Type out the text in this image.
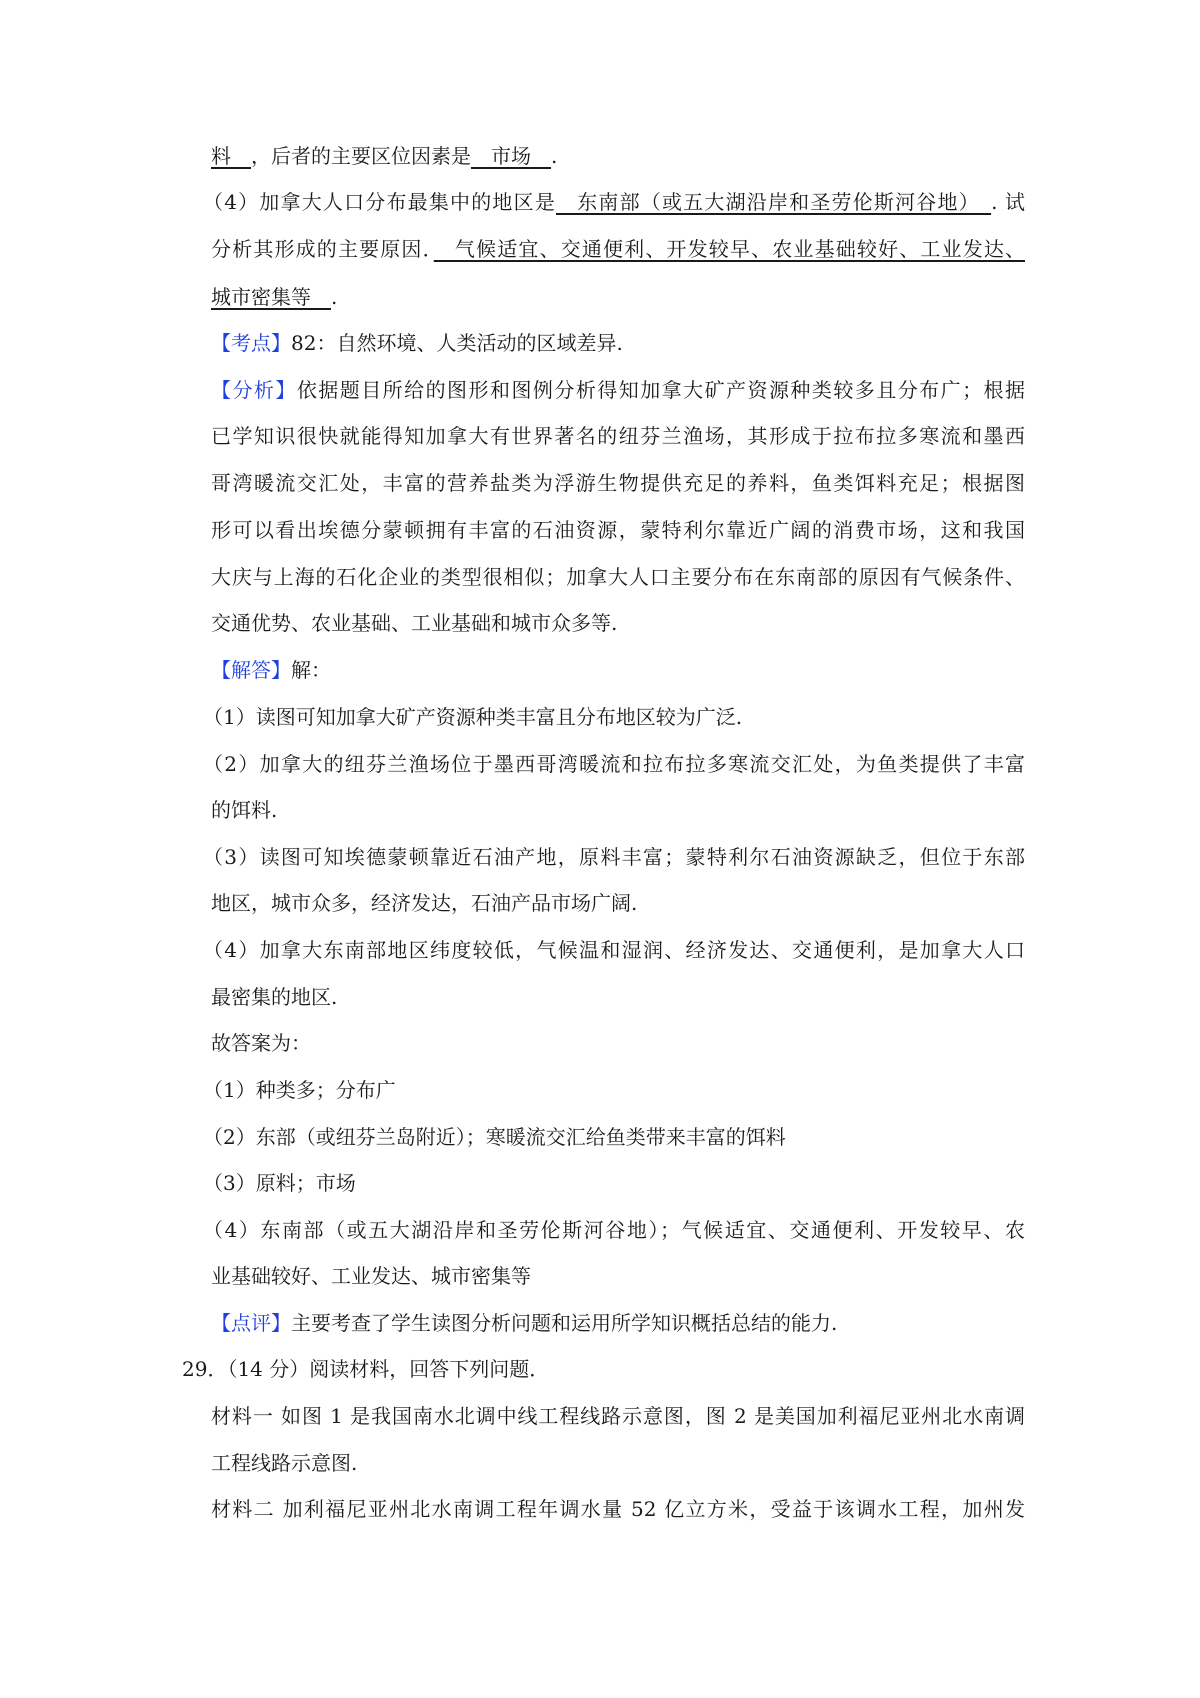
料　，后者的主要区位因素是　市场　.
（4）加拿大人口分布最集中的地区是　东南部（或五大湖沿岸和圣劳伦斯河谷地）　. 试
分析其形成的主要原因．　气候适宜、交通便利、开发较早、农业基础较好、工业发达、
城市密集等　.
【考点】82：自然环境、人类活动的区域差异.
【分析】依据题目所给的图形和图例分析得知加拿大矿产资源种类较多且分布广；根据
已学知识很快就能得知加拿大有世界著名的纽芬兰渔场，其形成于拉布拉多寒流和墨西
哥湾暖流交汇处，丰富的营养盐类为浮游生物提供充足的养料，鱼类饵料充足；根据图
形可以看出埃德分蒙顿拥有丰富的石油资源，蒙特利尔靠近广阔的消费市场，这和我国
大庆与上海的石化企业的类型很相似；加拿大人口主要分布在东南部的原因有气候条件、
交通优势、农业基础、工业基础和城市众多等.
【解答】解：
（1）读图可知加拿大矿产资源种类丰富且分布地区较为广泛.
（2）加拿大的纽芬兰渔场位于墨西哥湾暖流和拉布拉多寒流交汇处，为鱼类提供了丰富
的饵料.
（3）读图可知埃德蒙顿靠近石油产地，原料丰富；蒙特利尔石油资源缺乏，但位于东部
地区，城市众多，经济发达，石油产品市场广阔.
（4）加拿大东南部地区纬度较低，气候温和湿润、经济发达、交通便利，是加拿大人口
最密集的地区.
故答案为：
（1）种类多；分布广
（2）东部（或纽芬兰岛附近）；寒暖流交汇给鱼类带来丰富的饵料
（3）原料；市场
（4）东南部（或五大湖沿岸和圣劳伦斯河谷地）；气候适宜、交通便利、开发较早、农
业基础较好、工业发达、城市密集等
【点评】主要考查了学生读图分析问题和运用所学知识概括总结的能力.
29．（14 分）阅读材料，回答下列问题．
材料一 如图 1 是我国南水北调中线工程线路示意图，图 2 是美国加利福尼亚州北水南调
工程线路示意图.
材料二 加利福尼亚州北水南调工程年调水量 52 亿立方米，受益于该调水工程，加州发
